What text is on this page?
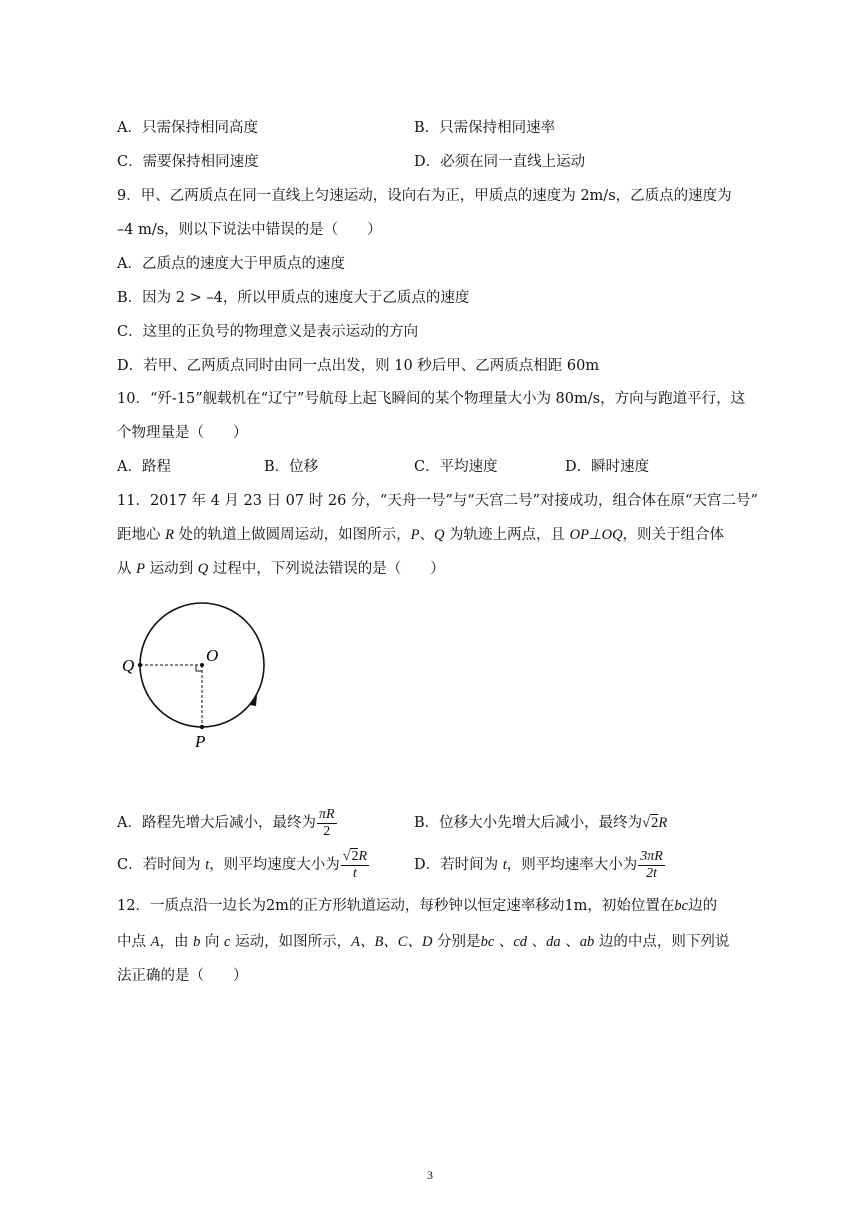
A．只需保持相同高度	B．只需保持相同速率
C．需要保持相同速度	D．必须在同一直线上运动
9．甲、乙两质点在同一直线上匀速运动，设向右为正，甲质点的速度为 2m/s，乙质点的速度为
–4 m/s，则以下说法中错误的是（　　）
A．乙质点的速度大于甲质点的速度
B．因为 2 > –4，所以甲质点的速度大于乙质点的速度
C．这里的正负号的物理意义是表示运动的方向
D．若甲、乙两质点同时由同一点出发，则 10 秒后甲、乙两质点相距 60m
10．“歼-15”舰载机在“辽宁”号航母上起飞瞬间的某个物理量大小为 80m/s，方向与跑道平行，这
个物理量是（　　）
A．路程	B．位移	C．平均速度	D．瞬时速度
11．2017 年 4 月 23 日 07 时 26 分，“天舟一号”与“天宫二号”对接成功，组合体在原“天宫二号”
距地心 R 处的轨道上做圆周运动，如图所示，P、Q 为轨迹上两点，且 OP⊥OQ，则关于组合体
从 P 运动到 Q 过程中，下列说法错误的是（　　）
Q
O
P
A．路程先增大后减小，最终为 $\frac{\pi R}{2}$	B．位移大小先增大后减小，最终为√2R
C．若时间为 t，则平均速度大小为 $\frac{√2R}{t}$	D．若时间为 t，则平均速率大小为 $\frac{3\pi R}{2t}$
12．一质点沿一边长为2m的正方形轨道运动，每秒钟以恒定速率移动1m，初始位置在bc边的
中点 A，由 b 向 c 运动，如图所示，A、B、C、D 分别是bc 、cd 、da 、ab 边的中点，则下列说
法正确的是（　　）
3
